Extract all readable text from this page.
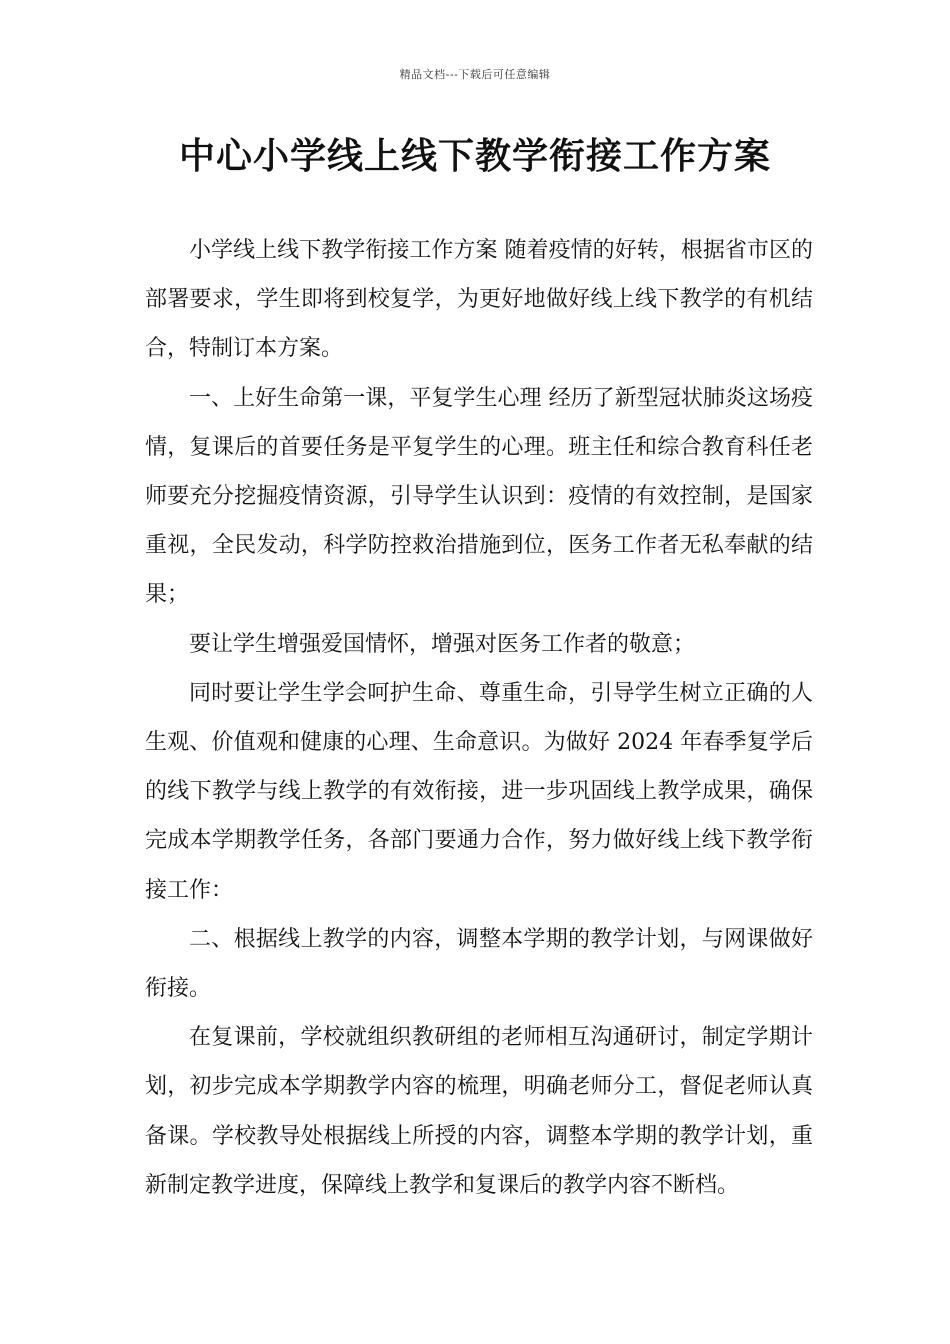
精品文档---下载后可任意编辑
中心小学线上线下教学衔接工作方案

小学线上线下教学衔接工作方案 随着疫情的好转，根据省市区的部署要求，学生即将到校复学，为更好地做好线上线下教学的有机结合，特制订本方案。

一、上好生命第一课，平复学生心理 经历了新型冠状肺炎这场疫情，复课后的首要任务是平复学生的心理。班主任和综合教育科任老师要充分挖掘疫情资源，引导学生认识到：疫情的有效控制，是国家重视，全民发动，科学防控救治措施到位，医务工作者无私奉献的结果；

要让学生增强爱国情怀，增强对医务工作者的敬意；

同时要让学生学会呵护生命、尊重生命，引导学生树立正确的人生观、价值观和健康的心理、生命意识。为做好 2024 年春季复学后的线下教学与线上教学的有效衔接，进一步巩固线上教学成果，确保完成本学期教学任务，各部门要通力合作，努力做好线上线下教学衔接工作：

二、根据线上教学的内容，调整本学期的教学计划，与网课做好衔接。

在复课前，学校就组织教研组的老师相互沟通研讨，制定学期计划，初步完成本学期教学内容的梳理，明确老师分工，督促老师认真备课。学校教导处根据线上所授的内容，调整本学期的教学计划，重新制定教学进度，保障线上教学和复课后的教学内容不断档。
